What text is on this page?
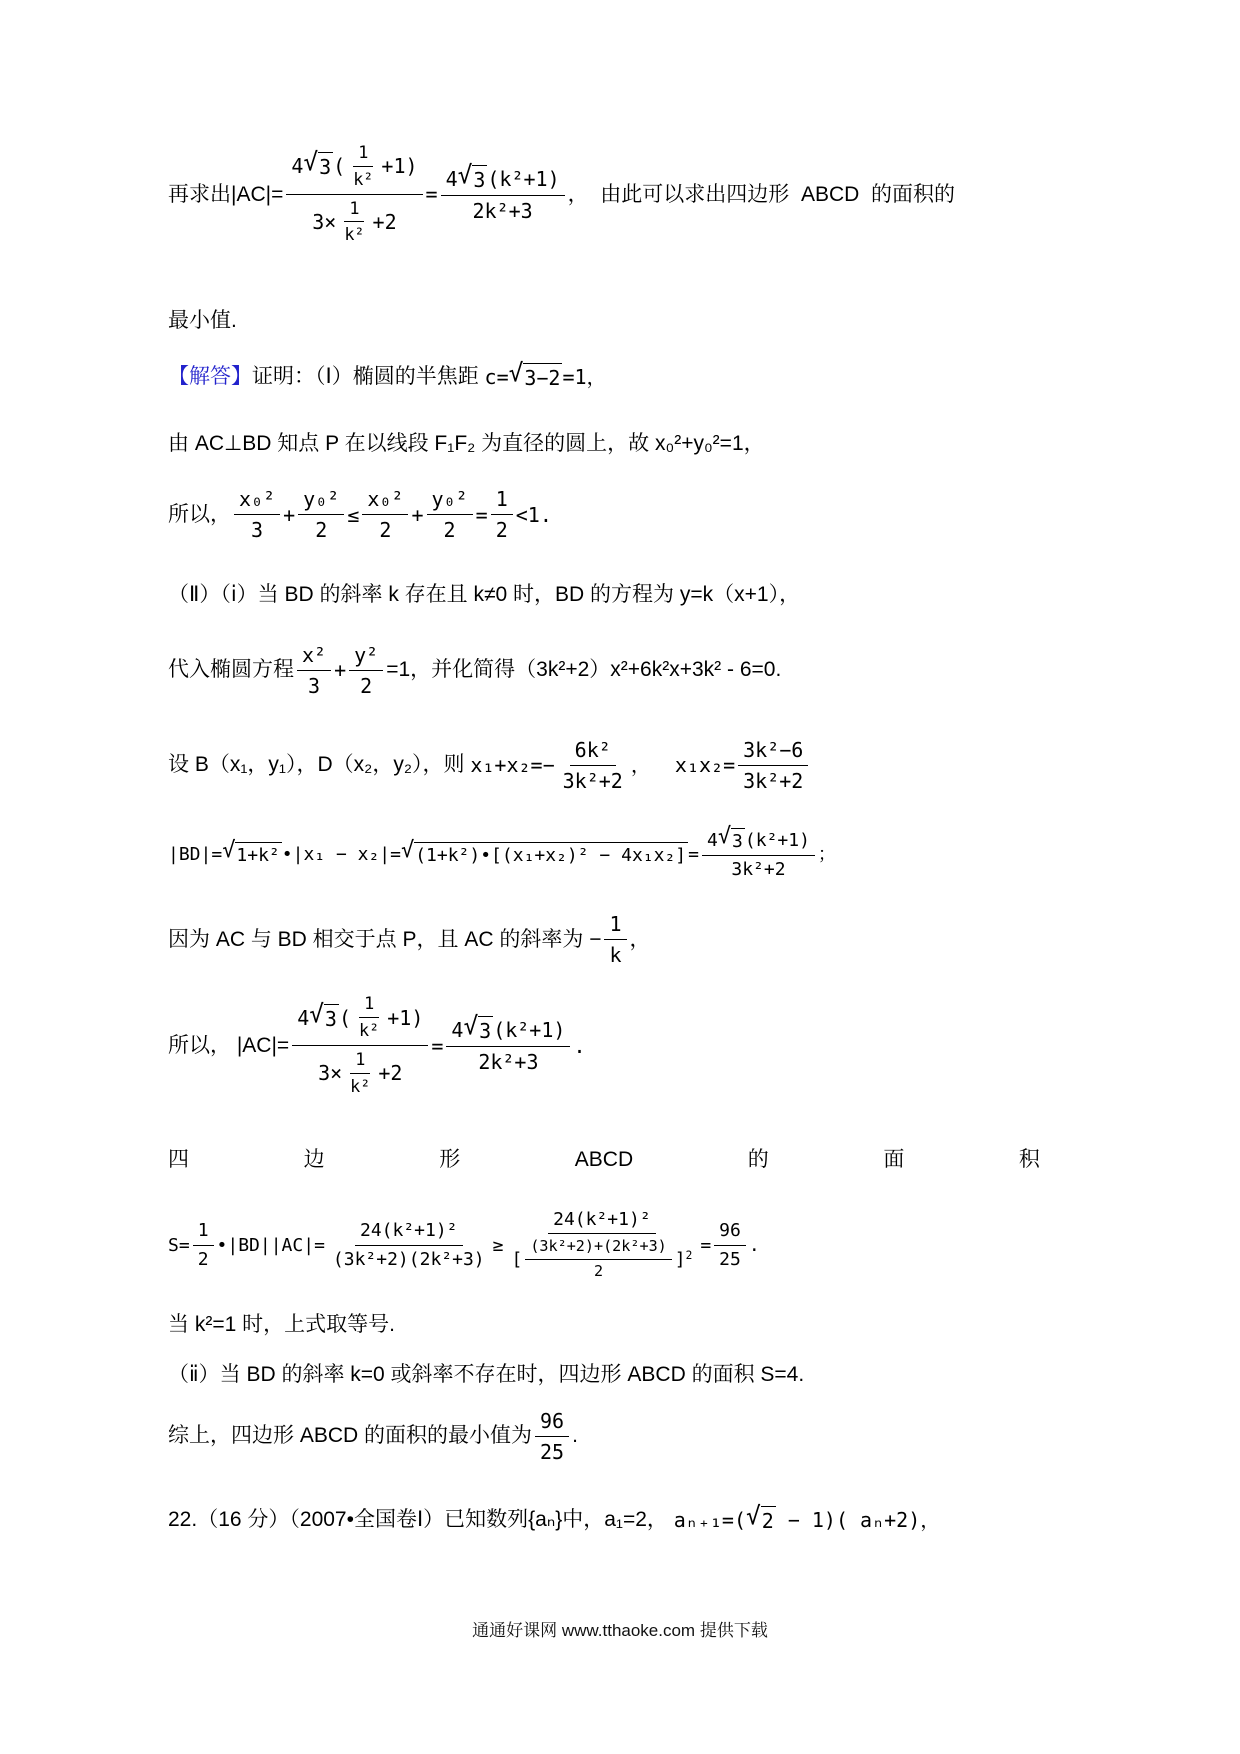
再求出|AC|=
4 √ 3 ( $\frac{1}{\text{k²}} +1$)
$3\times \frac{1}{\text{k²}} +2$
= $\frac{\text{4 √ 3 (k²+1)}}{\text{2k²+3}}$ ，  由此可以求出四边形  ABCD  的面积的
最小值.
【解答】 证明：（Ⅰ）椭圆的半焦距 c= √ 3−2 =1，
由 AC⊥BD 知点 P 在以线段 F₁F₂ 为直径的圆上，故 x₀²+y₀²=1，
所以， $\frac{\text{x₀²}}{3} + \frac{\text{y₀²}}{2} \le \frac{\text{x₀²}}{2} + \frac{\text{y₀²}}{2} = \frac{1}{2} <1$.
（Ⅱ）（ⅰ）当 BD 的斜率 k 存在且 k≠0 时，BD 的方程为 y=k（x+1），
代入椭圆方程 $\frac{\text{x²}}{3} + \frac{\text{y²}}{2} =1$，并化简得（3k²+2）x²+6k²x+3k² - 6=0.
设 B（x₁，y₁），D（x₂，y₂），则 $x_1+x_2=- \frac{\text{6k²}}{\text{3k²+2}}$ ，  $x_1x_2= \frac{\text{3k²−6}}{\text{3k²+2}}$
|BD|= √ 1+k² •|x₁ − x₂|= √ (1+k²)•[(x₁+x₂)² − $4x_1x_2] = \frac{\text{4 √ 3 (k²+1)}}{\text{3k²+2}}$ ；
因为 AC 与 BD 相交于点 P，且 AC 的斜率为 − $\frac{1}{k}$ ，
所以， |AC|=
4 √ 3 ( $\frac{1}{\text{k²}} +1$)
$3\times \frac{1}{\text{k²}} +2$
= $\frac{\text{4 √ 3 (k²+1)}}{\text{2k²+3}}$ .
四	边	形	ABCD	的	面	积
$S= \frac{1}{2}$ •|BD||AC|= $\frac{\text{24(k²+1)²}}{\text{(3k²+2)(2k²+3)}} \ge \frac{\text{24(k²+1)²}}{[ \frac{\text{(3k²+2)+(2k²+3)}}{2} ] 2} = \frac{96}{25}$ .
当 k²=1 时，上式取等号.
（ⅱ）当 BD 的斜率 k=0 或斜率不存在时，四边形 ABCD 的面积 S=4.
综上，四边形 ABCD 的面积的最小值为 $\frac{96}{25}$ .
22.（16 分）（2007•全国卷Ⅰ）已知数列{aₙ}中，a₁=2， aₙ₊₁=( √ 2 − 1)( aₙ+2)，
通通好课网 www.tthaoke.com 提供下载
